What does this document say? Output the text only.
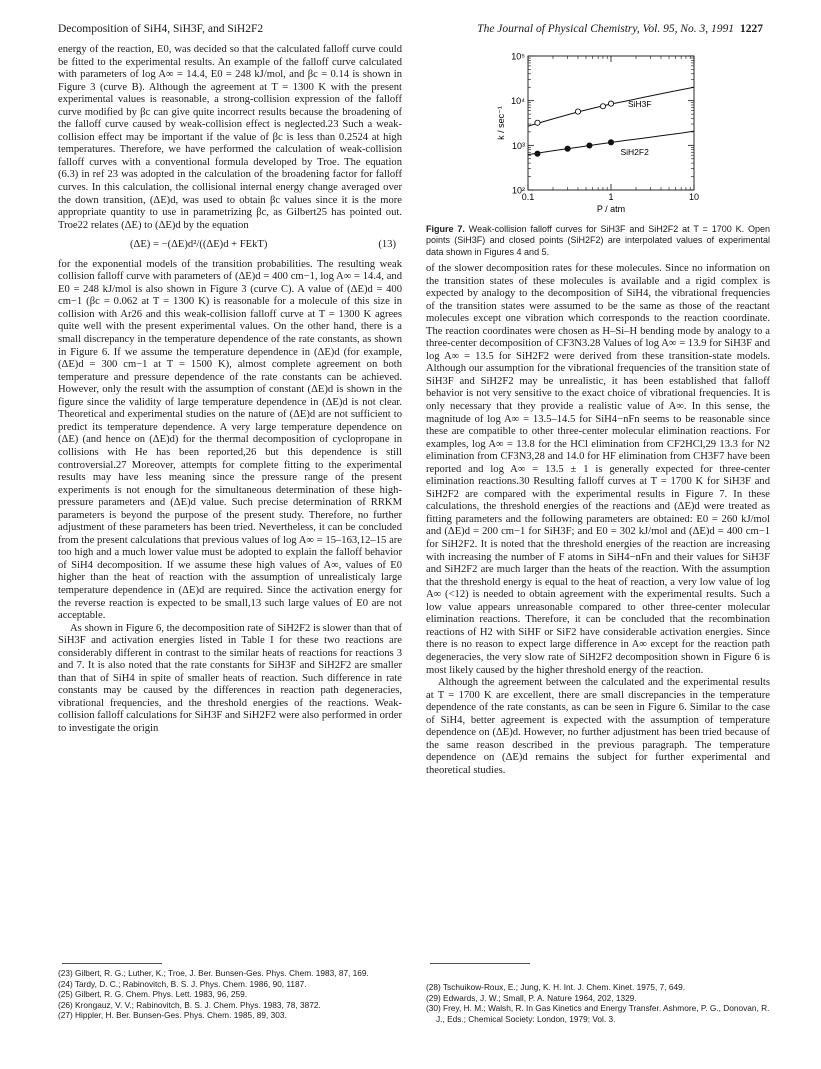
Decomposition of SiH4, SiH3F, and SiH2F2	The Journal of Physical Chemistry, Vol. 95, No. 3, 1991 1227

energy of the reaction, E0, was decided so that the calculated falloff curve could be fitted to the experimental results. An example of the falloff curve calculated with parameters of log A∞ = 14.4, E0 = 248 kJ/mol, and βc = 0.14 is shown in Figure 3 (curve B). Although the agreement at T = 1300 K with the present experimental values is reasonable, a strong-collision expression of the falloff curve modified by βc can give quite incorrect results because the broadening of the falloff curve caused by weak-collision effect is neglected.23 Such a weak-collision effect may be important if the value of βc is less than 0.2524 at high temperatures. Therefore, we have performed the calculation of weak-collision falloff curves with a conventional formula developed by Troe. The equation (6.3) in ref 23 was adopted in the calculation of the broadening factor for falloff curves. In this calculation, the collisional internal energy change averaged over the down transition, (ΔE)d, was used to obtain βc values since it is the more appropriate quantity to use in parametrizing βc, as Gilbert25 has pointed out. Troe22 relates (ΔE) to (ΔE)d by the equation

(ΔE) = −(ΔE)d²/((ΔE)d + FEkT)	(13)

for the exponential models of the transition probabilities. The resulting weak collision falloff curve with parameters of (ΔE)d = 400 cm−1, log A∞ = 14.4, and E0 = 248 kJ/mol is also shown in Figure 3 (curve C). A value of (ΔE)d = 400 cm−1 (βc = 0.062 at T = 1300 K) is reasonable for a molecule of this size in collision with Ar26 and this weak-collision falloff curve at T = 1300 K agrees quite well with the present experimental values. On the other hand, there is a small discrepancy in the temperature dependence of the rate constants, as shown in Figure 6. If we assume the temperature dependence in (ΔE)d (for example, (ΔE)d = 300 cm−1 at T = 1500 K), almost complete agreement on both temperature and pressure dependence of the rate constants can be achieved. However, only the result with the assumption of constant (ΔE)d is shown in the figure since the validity of large temperature dependence in (ΔE)d is not clear. Theoretical and experimental studies on the nature of (ΔE)d are not sufficient to predict its temperature dependence. A very large temperature dependence on (ΔE) (and hence on (ΔE)d) for the thermal decomposition of cyclopropane in collisions with He has been reported,26 but this dependence is still controversial.27 Moreover, attempts for complete fitting to the experimental results may have less meaning since the pressure range of the present experiments is not enough for the simultaneous determination of these high-pressure parameters and (ΔE)d value. Such precise determination of RRKM parameters is beyond the purpose of the present study. Therefore, no further adjustment of these parameters has been tried. Nevertheless, it can be concluded from the present calculations that previous values of log A∞ = 15–163,12–15 are too high and a much lower value must be adopted to explain the falloff behavior of SiH4 decomposition. If we assume these high values of A∞, values of E0 higher than the heat of reaction with the assumption of unrealisticaly large temperature dependence in (ΔE)d are required. Since the activation energy for the reverse reaction is expected to be small,13 such large values of E0 are not acceptable.

As shown in Figure 6, the decomposition rate of SiH2F2 is slower than that of SiH3F and activation energies listed in Table I for these two reactions are considerably different in contrast to the similar heats of reactions for reactions 3 and 7. It is also noted that the rate constants for SiH3F and SiH2F2 are smaller than that of SiH4 in spite of smaller heats of reaction. Such difference in rate constants may be caused by the differences in reaction path degeneracies, vibrational frequencies, and the threshold energies of the reactions. Weak-collision falloff calculations for SiH3F and SiH2F2 were also performed in order to investigate the origin

10²
10³
10⁴
10⁵
0.1	1	10
P / atm
k / sec⁻¹
SiH3F
SiH2F2
Figure 7. Weak-collision falloff curves for SiH3F and SiH2F2 at T = 1700 K. Open points (SiH3F) and closed points (SiH2F2) are interpolated values of experimental data shown in Figures 4 and 5.

of the slower decomposition rates for these molecules. Since no information on the transition states of these molecules is available and a rigid complex is expected by analogy to the decomposition of SiH4, the vibrational frequencies of the transition states were assumed to be the same as those of the reactant molecules except one vibration which corresponds to the reaction coordinate. The reaction coordinates were chosen as H–Si–H bending mode by analogy to a three-center decomposition of CF3N3.28 Values of log A∞ = 13.9 for SiH3F and log A∞ = 13.5 for SiH2F2 were derived from these transition-state models. Although our assumption for the vibrational frequencies of the transition state of SiH3F and SiH2F2 may be unrealistic, it has been established that falloff behavior is not very sensitive to the exact choice of vibrational frequencies. It is only necessary that they provide a realistic value of A∞. In this sense, the magnitude of log A∞ = 13.5–14.5 for SiH4−nFn seems to be reasonable since these are compatible to other three-center molecular elimination reactions. For examples, log A∞ = 13.8 for the HCl elimination from CF2HCl,29 13.3 for N2 elimination from CF3N3,28 and 14.0 for HF elimination from CH3F7 have been reported and log A∞ = 13.5 ± 1 is generally expected for three-center elimination reactions.30 Resulting falloff curves at T = 1700 K for SiH3F and SiH2F2 are compared with the experimental results in Figure 7. In these calculations, the threshold energies of the reactions and (ΔE)d were treated as fitting parameters and the following parameters are obtained: E0 = 260 kJ/mol and (ΔE)d = 200 cm−1 for SiH3F; and E0 = 302 kJ/mol and (ΔE)d = 400 cm−1 for SiH2F2. It is noted that the threshold energies of the reaction are increasing with increasing the number of F atoms in SiH4−nFn and their values for SiH3F and SiH2F2 are much larger than the heats of the reaction. With the assumption that the threshold energy is equal to the heat of reaction, a very low value of log A∞ (<12) is needed to obtain agreement with the experimental results. Such a low value appears unreasonable compared to other three-center molecular elimination reactions. Therefore, it can be concluded that the recombination reactions of H2 with SiHF or SiF2 have considerable activation energies. Since there is no reason to expect large difference in A∞ except for the reaction path degeneracies, the very slow rate of SiH2F2 decomposition shown in Figure 6 is most likely caused by the higher threshold energy of the reaction.

Although the agreement between the calculated and the experimental results at T = 1700 K are excellent, there are small discrepancies in the temperature dependence of the rate constants, as can be seen in Figure 6. Similar to the case of SiH4, better agreement is expected with the assumption of temperature dependence on (ΔE)d. However, no further adjustment has been tried because of the same reason described in the previous paragraph. The temperature dependence on (ΔE)d remains the subject for further experimental and theoretical studies.

(23) Gilbert, R. G.; Luther, K.; Troe, J. Ber. Bunsen-Ges. Phys. Chem. 1983, 87, 169.
(24) Tardy, D. C.; Rabinovitch, B. S. J. Phys. Chem. 1986, 90, 1187.
(25) Gilbert, R. G. Chem. Phys. Lett. 1983, 96, 259.
(26) Krongauz, V. V.; Rabinovitch, B. S. J. Chem. Phys. 1983, 78, 3872.
(27) Hippler, H. Ber. Bunsen-Ges. Phys. Chem. 1985, 89, 303.
(28) Tschuikow-Roux, E.; Jung, K. H. Int. J. Chem. Kinet. 1975, 7, 649.
(29) Edwards, J. W.; Small, P. A. Nature 1964, 202, 1329.
(30) Frey, H. M.; Walsh, R. In Gas Kinetics and Energy Transfer. Ashmore, P. G., Donovan, R. J., Eds.; Chemical Society: London, 1979; Vol. 3.
